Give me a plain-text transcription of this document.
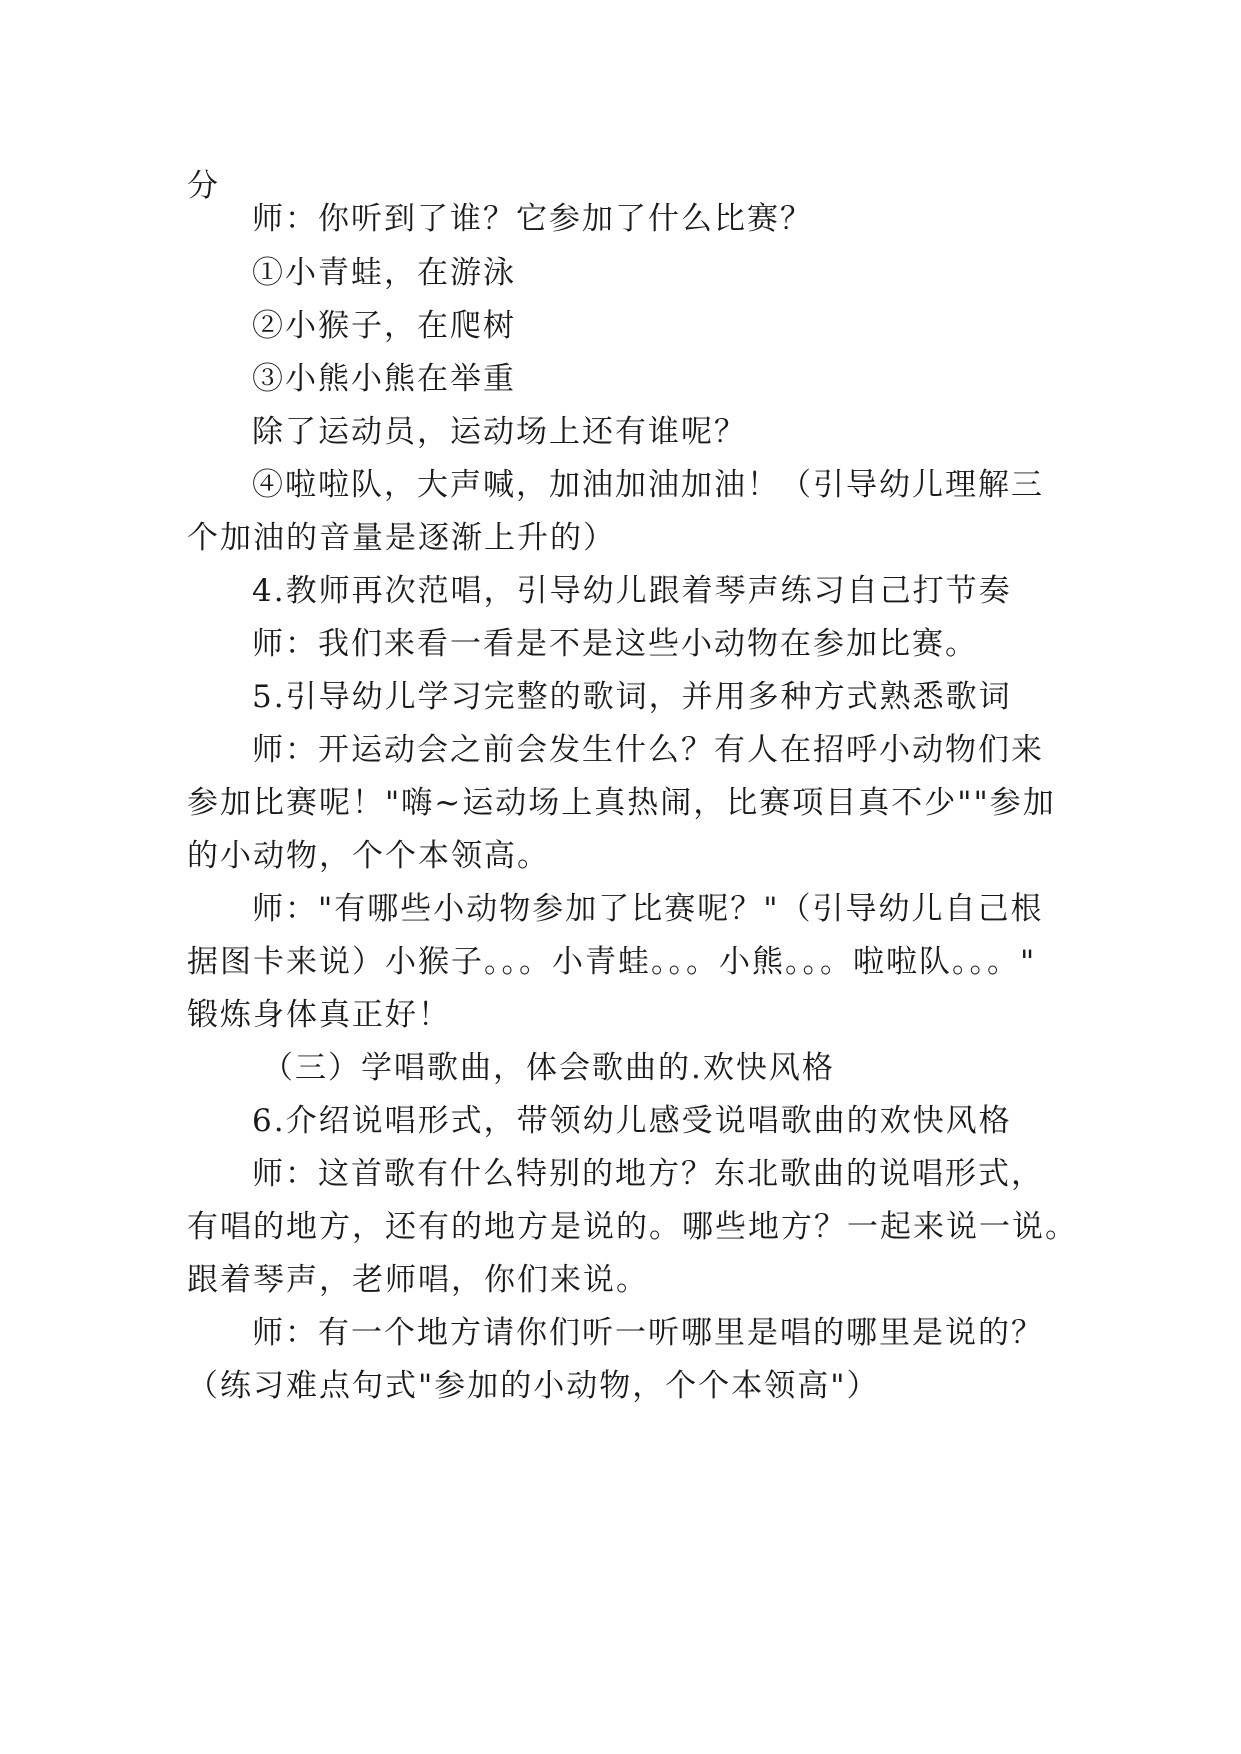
分
师：你听到了谁？它参加了什么比赛？
①小青蛙，在游泳
②小猴子，在爬树
③小熊小熊在举重
除了运动员，运动场上还有谁呢？
④啦啦队，大声喊，加油加油加油！（引导幼儿理解三
个加油的音量是逐渐上升的）
4.教师再次范唱，引导幼儿跟着琴声练习自己打节奏
师：我们来看一看是不是这些小动物在参加比赛。
5.引导幼儿学习完整的歌词，并用多种方式熟悉歌词
师：开运动会之前会发生什么？有人在招呼小动物们来
参加比赛呢！"嗨~运动场上真热闹，比赛项目真不少""参加
的小动物，个个本领高。
师："有哪些小动物参加了比赛呢？"（引导幼儿自己根
据图卡来说）小猴子。。。小青蛙。。。小熊。。。啦啦队。。。"
锻炼身体真正好！
（三）学唱歌曲，体会歌曲的.欢快风格
6.介绍说唱形式，带领幼儿感受说唱歌曲的欢快风格
师：这首歌有什么特别的地方？东北歌曲的说唱形式，
有唱的地方，还有的地方是说的。哪些地方？一起来说一说。
跟着琴声，老师唱，你们来说。
师：有一个地方请你们听一听哪里是唱的哪里是说的？
（练习难点句式"参加的小动物，个个本领高"）
